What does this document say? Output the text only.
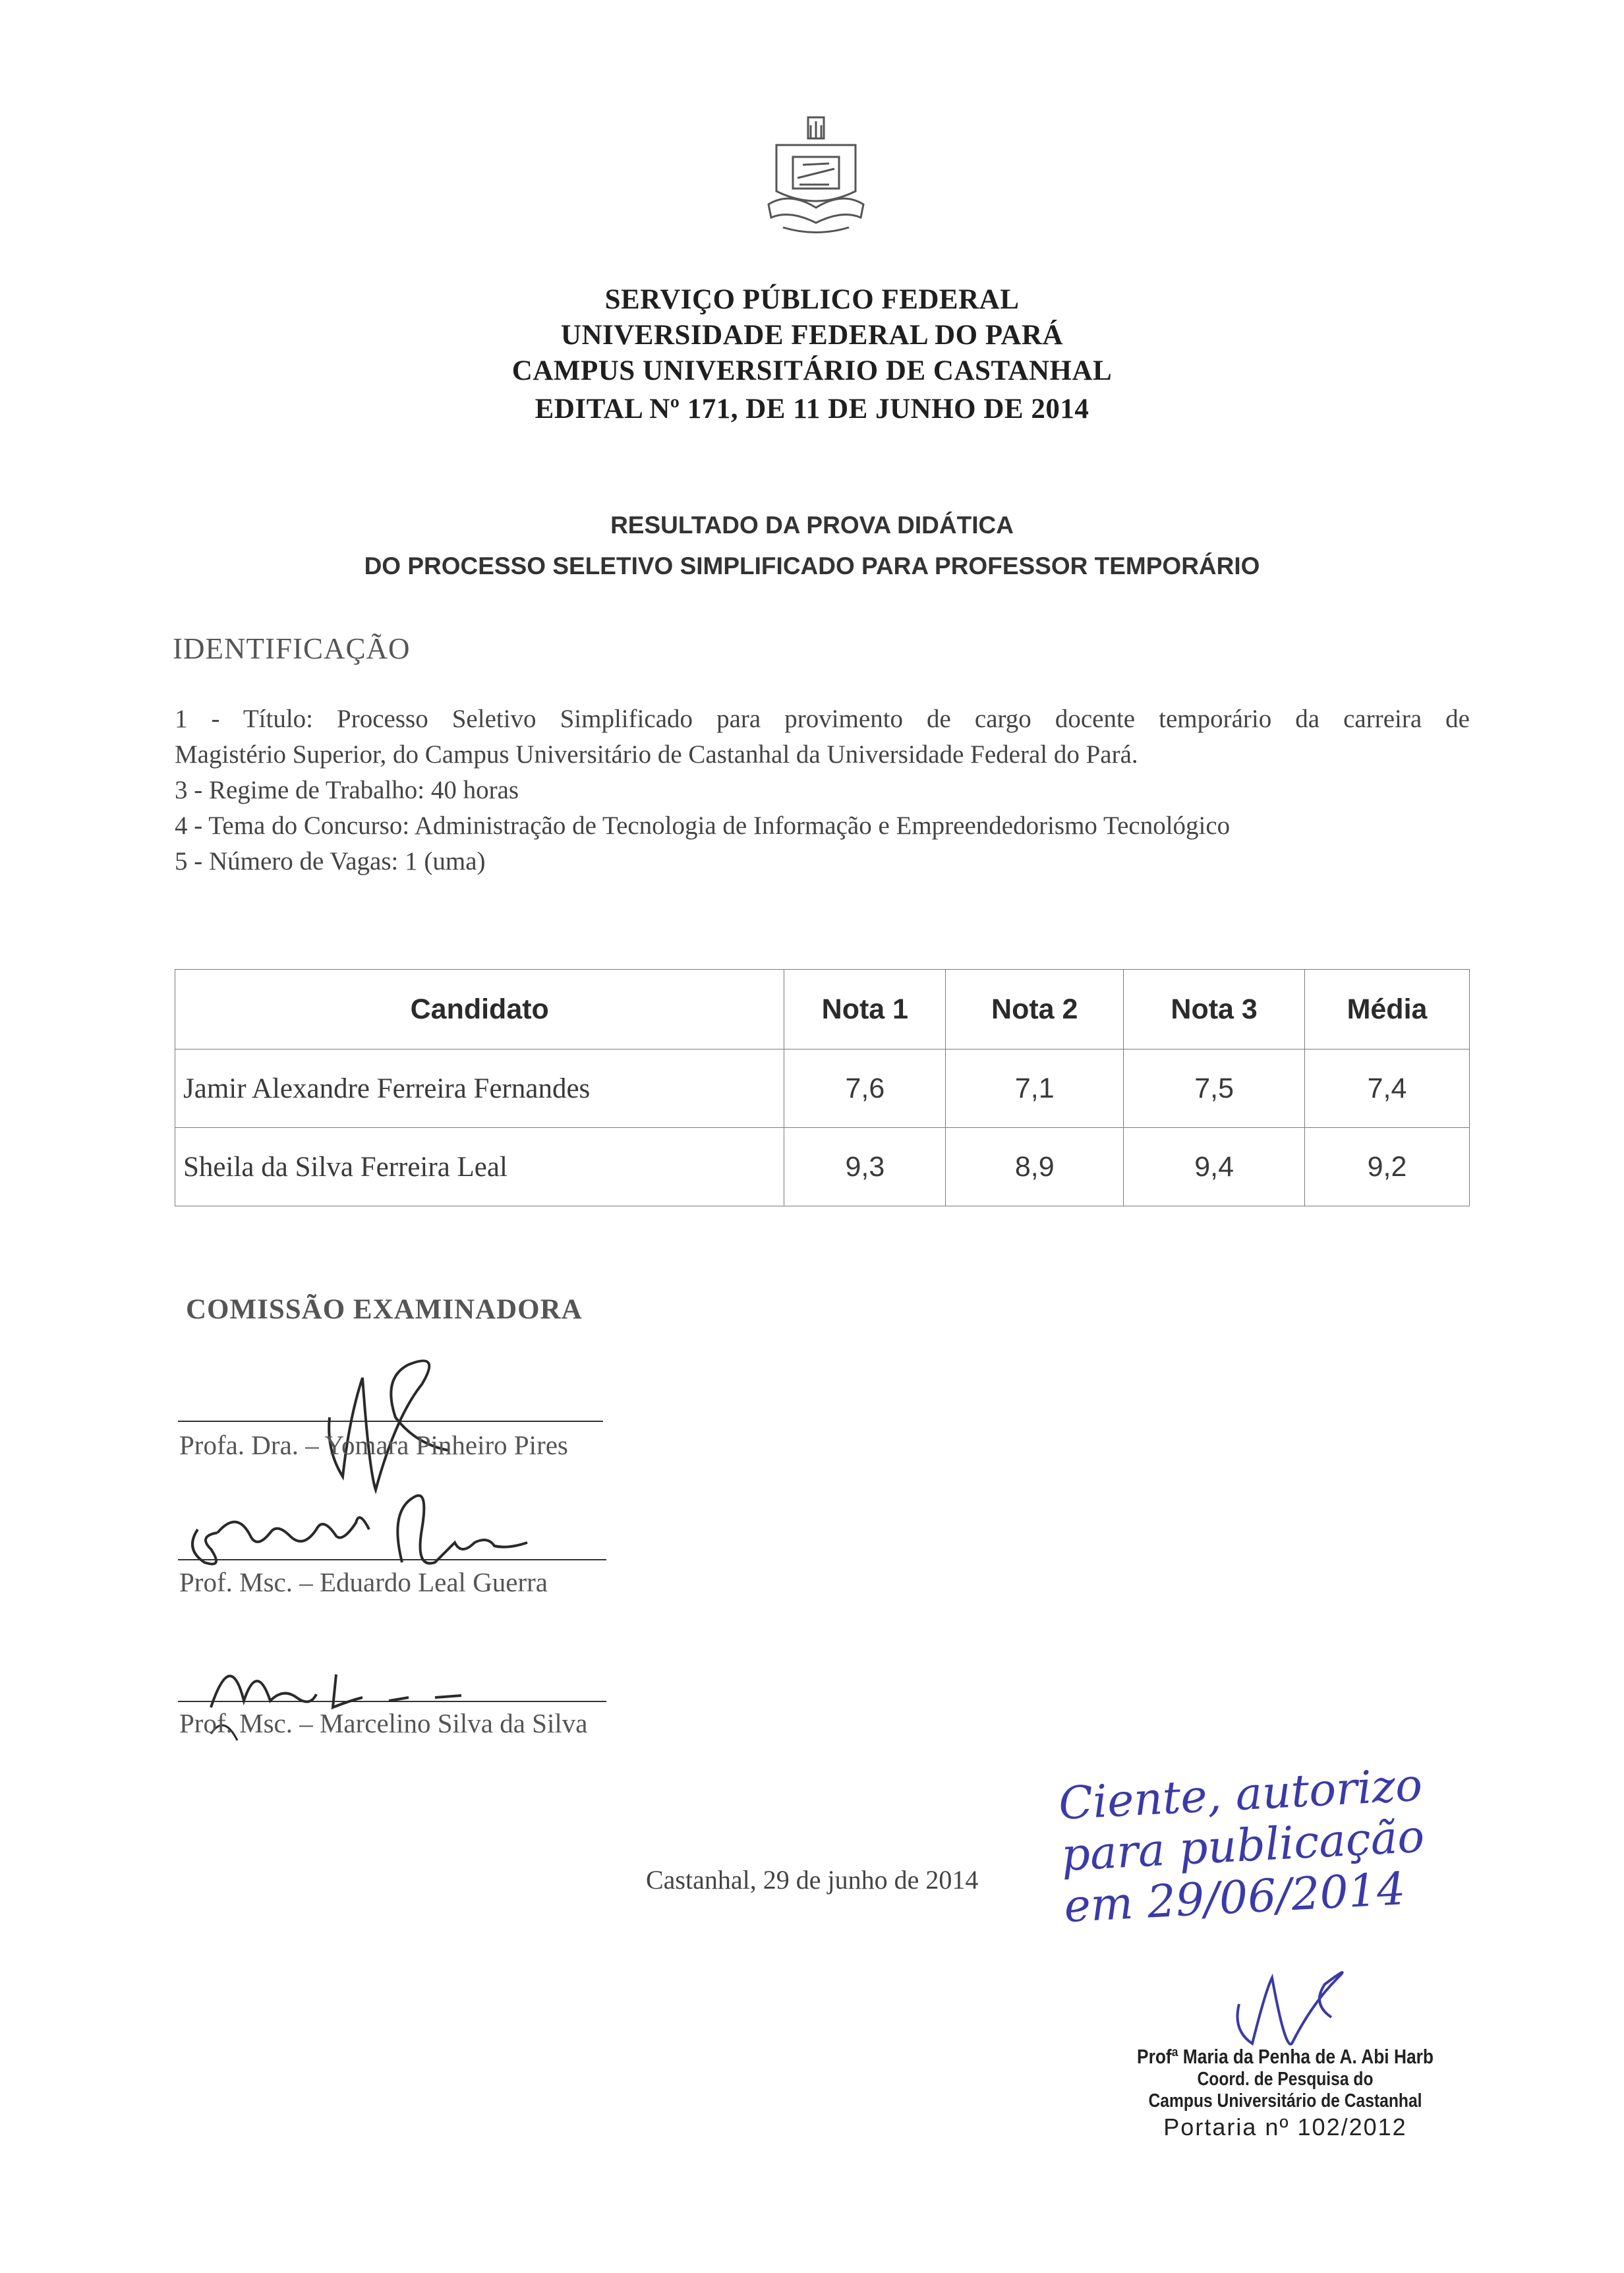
SERVIÇO PÚBLICO FEDERAL
UNIVERSIDADE FEDERAL DO PARÁ
CAMPUS UNIVERSITÁRIO DE CASTANHAL
EDITAL Nº 171, DE 11 DE JUNHO DE 2014
RESULTADO DA PROVA DIDÁTICA
DO PROCESSO SELETIVO SIMPLIFICADO PARA PROFESSOR TEMPORÁRIO
IDENTIFICAÇÃO

1 - Título: Processo Seletivo Simplificado para provimento de cargo docente temporário da carreira de

Magistério Superior, do Campus Universitário de Castanhal da Universidade Federal do Pará.

3 - Regime de Trabalho: 40 horas

4 - Tema do Concurso: Administração de Tecnologia de Informação e Empreendedorismo Tecnológico

5 - Número de Vagas: 1 (uma)

Candidato	Nota 1	Nota 2	Nota 3	Média
Jamir Alexandre Ferreira Fernandes	7,6	7,1	7,5	7,4
Sheila da Silva Ferreira Leal	9,3	8,9	9,4	9,2
COMISSÃO EXAMINADORA
Profa. Dra. – Yomara Pinheiro Pires
Prof. Msc. – Eduardo Leal Guerra
Prof. Msc. – Marcelino Silva da Silva
Castanhal, 29 de junho de 2014
Ciente, autorizo
para publicação
em 29/06/2014
Profª Maria da Penha de A. Abi Harb
Coord. de Pesquisa do
Campus Universitário de Castanhal
Portaria nº 102/2012
